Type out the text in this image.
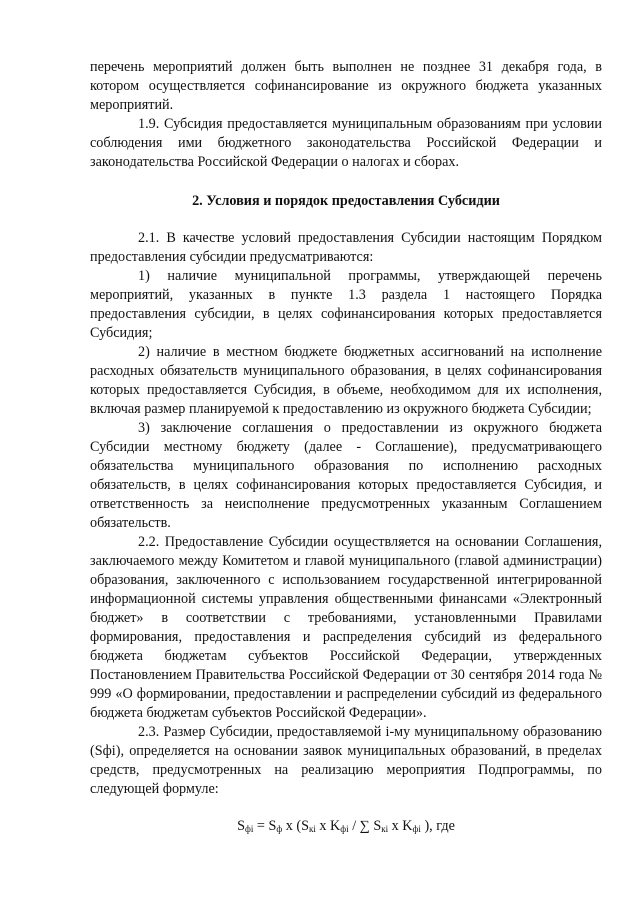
перечень мероприятий должен быть выполнен не позднее 31 декабря года, в котором осуществляется софинансирование из окружного бюджета указанных мероприятий.

1.9. Субсидия предоставляется муниципальным образованиям при условии соблюдения ими бюджетного законодательства Российской Федерации и законодательства Российской Федерации о налогах и сборах.

2. Условия и порядок предоставления Субсидии

2.1. В качестве условий предоставления Субсидии настоящим Порядком предоставления субсидии предусматриваются:

1) наличие муниципальной программы, утверждающей перечень мероприятий, указанных в пункте 1.3 раздела 1 настоящего Порядка предоставления субсидии, в целях софинансирования которых предоставляется Субсидия;

2) наличие в местном бюджете бюджетных ассигнований на исполнение расходных обязательств муниципального образования, в целях софинансирования которых предоставляется Субсидия, в объеме, необходимом для их исполнения, включая размер планируемой к предоставлению из окружного бюджета Субсидии;

3) заключение соглашения о предоставлении из окружного бюджета Субсидии местному бюджету (далее - Соглашение), предусматривающего обязательства муниципального образования по исполнению расходных обязательств, в целях софинансирования которых предоставляется Субсидия, и ответственность за неисполнение предусмотренных указанным Соглашением обязательств.

2.2. Предоставление Субсидии осуществляется на основании Соглашения, заключаемого между Комитетом и главой муниципального (главой администрации) образования, заключенного с использованием государственной интегрированной информационной системы управления общественными финансами «Электронный бюджет» в соответствии с требованиями, установленными Правилами формирования, предоставления и распределения субсидий из федерального бюджета бюджетам субъектов Российской Федерации, утвержденных Постановлением Правительства Российской Федерации от 30 сентября 2014 года № 999 «О формировании, предоставлении и распределении субсидий из федерального бюджета бюджетам субъектов Российской Федерации».

2.3. Размер Субсидии, предоставляемой i-му муниципальному образованию (Sфi), определяется на основании заявок муниципальных образований, в пределах средств, предусмотренных на реализацию мероприятия Подпрограммы, по следующей формуле:

$S_{фi} = S_ф$ x ($S_{кi}$ x $K_{фi}$ / ∑ $S_{кi}$ x $K_{фi}$ ), где
